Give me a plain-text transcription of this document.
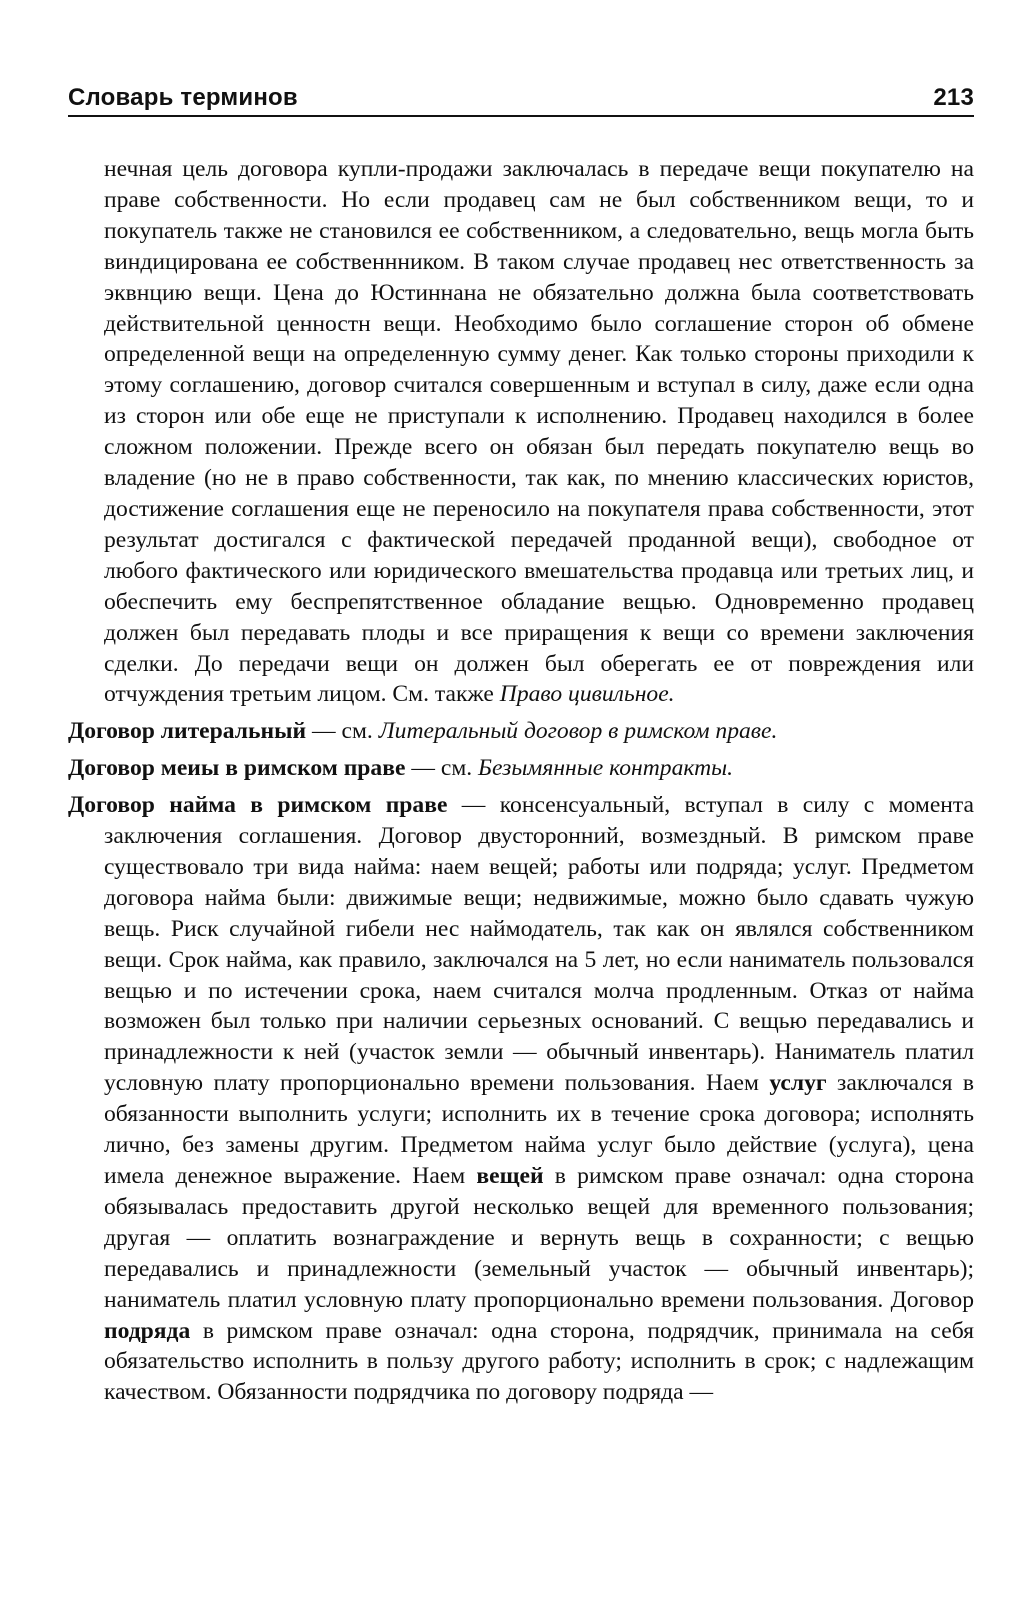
Словарь терминов	213

нечная цель договора купли-продажи заключалась в передаче вещи покупателю на праве собственности. Но если продавец сам не был собственником вещи, то и покупатель также не становился ее собственником, а следовательно, вещь могла быть виндицирована ее собственнником. В таком случае продавец нес ответственность за эквнцию вещи. Цена до Юстиннана не обязательно должна была соответствовать действительной ценностн вещи. Необходимо было соглашение сторон об обмене определенной вещи на определенную сумму денег. Как только стороны приходили к этому соглашению, договор считался совершенным и вступал в силу, даже если одна из сторон или обе еще не приступали к исполнению. Продавец находился в более сложном положении. Прежде всего он обязан был передать покупателю вещь во владение (но не в право собственности, так как, по мнению классических юристов, достижение соглашения еще не переносило на покупателя права собственности, этот результат достигался с фактической передачей проданной вещи), свободное от любого фактического или юридического вмешательства продавца или третьих лиц, и обеспечить ему беспрепятственное обладание вещью. Одновременно продавец должен был передавать плоды и все приращения к вещи со времени заключения сделки. До передачи вещи он должен был оберегать ее от повреждения или отчуждения третьим лицом. См. также Право цивильное.

Договор литеральный — см. Литеральный договор в римском праве.

Договор меиы в римском праве — см. Безымянные контракты.

Договор найма в римском праве — консенсуальный, вступал в силу с момента заключения соглашения. Договор двусторонний, возмездный. В римском праве существовало три вида найма: наем вещей; работы или подряда; услуг. Предметом договора найма были: движимые вещи; недвижимые, можно было сдавать чужую вещь. Риск случайной гибели нес наймодатель, так как он являлся собственником вещи. Срок найма, как правило, заключался на 5 лет, но если наниматель пользовался вещью и по истечении срока, наем считался молча продленным. Отказ от найма возможен был только при наличии серьезных оснований. С вещью передавались и принадлежности к ней (участок земли — обычный инвентарь). Наниматель платил условную плату пропорционально времени пользования. Наем услуг заключался в обязанности выполнить услуги; исполнить их в течение срока договора; исполнять лично, без замены другим. Предметом найма услуг было действие (услуга), цена имела денежное выражение. Наем вещей в римском праве означал: одна сторона обязывалась предоставить другой несколько вещей для временного пользования; другая — оплатить вознаграждение и вернуть вещь в сохранности; с вещью передавались и принадлежности (земельный участок — обычный инвентарь); наниматель платил условную плату пропорционально времени пользования. Договор подряда в римском праве означал: одна сторона, подрядчик, принимала на себя обязательство исполнить в пользу другого работу; исполнить в срок; с надлежащим качеством. Обязанности подрядчика по договору подряда —
